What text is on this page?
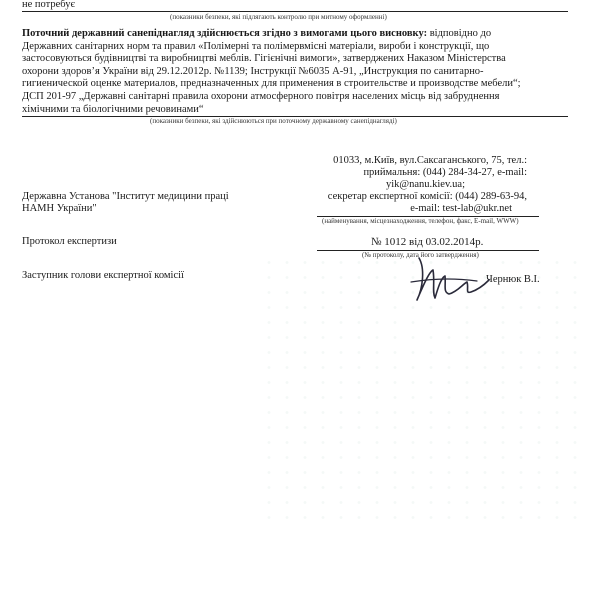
не потребує
(показники безпеки, які підлягають контролю при митному оформленні)
Поточний державний санепіднагляд здійснюється згідно з вимогами цього висновку: відповідно до
Державних санітарних норм та правил «Полімерні та полімервмісні матеріали, вироби і конструкції, що
застосовуються будівництві та виробництві меблів. Гігієнічні вимоги», затверджених Наказом Міністерства
охорони здоров’я України від 29.12.2012р. №1139; Інструкції №6035 А-91, „Инструкция по санитарно-
гигиенической оценке материалов, предназначенных для применения в строительстве и производстве мебели“;
ДСП 201-97 „Державні санітарні правила охорони атмосферного повітря населених місць від забруднення
хімічними та біологічними речовинами“
(показники безпеки, які здійснюються при поточному державному санепіднагляді)
01033, м.Київ, вул.Саксаганського, 75, тел.:
приймальня: (044) 284-34-27, e-mail:
yik@nanu.kiev.ua;
секретар експертної комісії: (044) 289-63-94,
e-mail: test-lab@ukr.net
Державна Установа "Інститут медицини праці
НАМН України"
(найменування, місцезнаходження, телефон, факс, E-mail, WWW)
Протокол експертизи	№ 1012 від 03.02.2014р.
(№ протоколу, дата його затвердження)
Заступник голови експертної комісії	Чернюк В.І.
